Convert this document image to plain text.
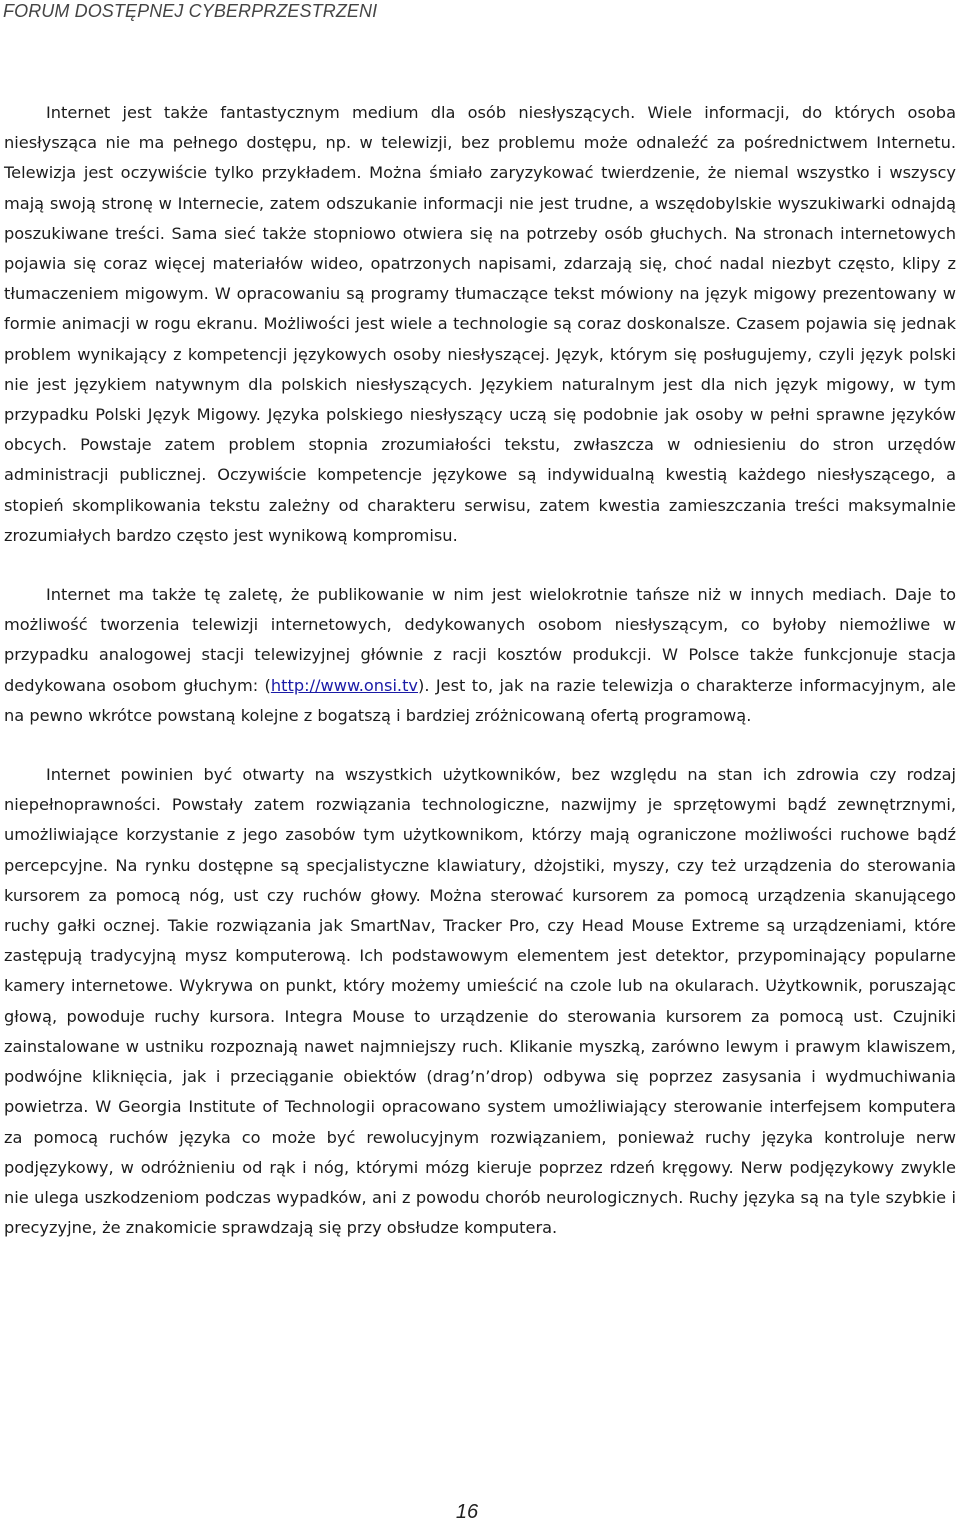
FORUM DOSTĘPNEJ CYBERPRZESTRZENI

Internet jest także fantastycznym medium dla osób niesłyszących. Wiele informacji, do których osoba niesłysząca nie ma pełnego dostępu, np. w telewizji, bez problemu może odnaleźć za pośrednictwem Internetu. Telewizja jest oczywiście tylko przykładem. Można śmiało zaryzykować twierdzenie, że niemal wszystko i wszyscy mają swoją stronę w Internecie, zatem odszukanie informacji nie jest trudne, a wszędobylskie wyszukiwarki odnajdą poszukiwane treści. Sama sieć także stopniowo otwiera się na potrzeby osób głuchych. Na stronach internetowych pojawia się coraz więcej materiałów wideo, opatrzonych napisami, zdarzają się, choć nadal niezbyt często, klipy z tłumaczeniem migowym. W opracowaniu są programy tłumaczące tekst mówiony na język migowy prezentowany w formie animacji w rogu ekranu. Możliwości jest wiele a technologie są coraz doskonalsze. Czasem pojawia się jednak problem wynikający z kompetencji językowych osoby niesłyszącej. Język, którym się posługujemy, czyli język polski nie jest językiem natywnym dla polskich niesłyszących. Językiem naturalnym jest dla nich język migowy, w tym przypadku Polski Język Migowy. Języka polskiego niesłyszący uczą się podobnie jak osoby w pełni sprawne języków obcych. Powstaje zatem problem stopnia zrozumiałości tekstu, zwłaszcza w odniesieniu do stron urzędów administracji publicznej. Oczywiście kompetencje językowe są indywidualną kwestią każdego niesłyszącego, a stopień skomplikowania tekstu zależny od charakteru serwisu, zatem kwestia zamieszczania treści maksymalnie zrozumiałych bardzo często jest wynikową kompromisu.

Internet ma także tę zaletę, że publikowanie w nim jest wielokrotnie tańsze niż w innych mediach. Daje to możliwość tworzenia telewizji internetowych, dedykowanych osobom niesłyszącym, co byłoby niemożliwe w przypadku analogowej stacji telewizyjnej głównie z racji kosztów produkcji. W Polsce także funkcjonuje stacja dedykowana osobom głuchym: (http://www.onsi.tv). Jest to, jak na razie telewizja o charakterze informacyjnym, ale na pewno wkrótce powstaną kolejne z bogatszą i bardziej zróżnicowaną ofertą programową.

Internet powinien być otwarty na wszystkich użytkowników, bez względu na stan ich zdrowia czy rodzaj niepełnoprawności. Powstały zatem rozwiązania technologiczne, nazwijmy je sprzętowymi bądź zewnętrznymi, umożliwiające korzystanie z jego zasobów tym użytkownikom, którzy mają ograniczone możliwości ruchowe bądź percepcyjne. Na rynku dostępne są specjalistyczne klawiatury, dżojstiki, myszy, czy też urządzenia do sterowania kursorem za pomocą nóg, ust czy ruchów głowy. Można sterować kursorem za pomocą urządzenia skanującego ruchy gałki ocznej. Takie rozwiązania jak SmartNav, Tracker Pro, czy Head Mouse Extreme są urządzeniami, które zastępują tradycyjną mysz komputerową. Ich podstawowym elementem jest detektor, przypominający popularne kamery internetowe. Wykrywa on punkt, który możemy umieścić na czole lub na okularach. Użytkownik, poruszając głową, powoduje ruchy kursora. Integra Mouse to urządzenie do sterowania kursorem za pomocą ust. Czujniki zainstalowane w ustniku rozpoznają nawet najmniejszy ruch. Klikanie myszką, zarówno lewym i prawym klawiszem, podwójne kliknięcia, jak i przeciąganie obiektów (drag’n’drop) odbywa się poprzez zasysania i wydmuchiwania powietrza. W Georgia Institute of Technologii opracowano system umożliwiający sterowanie interfejsem komputera za pomocą ruchów języka co może być rewolucyjnym rozwiązaniem, ponieważ ruchy języka kontroluje nerw podjęzykowy, w odróżnieniu od rąk i nóg, którymi mózg kieruje poprzez rdzeń kręgowy. Nerw podjęzykowy zwykle nie ulega uszkodzeniom podczas wypadków, ani z powodu chorób neurologicznych. Ruchy języka są na tyle szybkie i precyzyjne, że znakomicie sprawdzają się przy obsłudze komputera.

16
